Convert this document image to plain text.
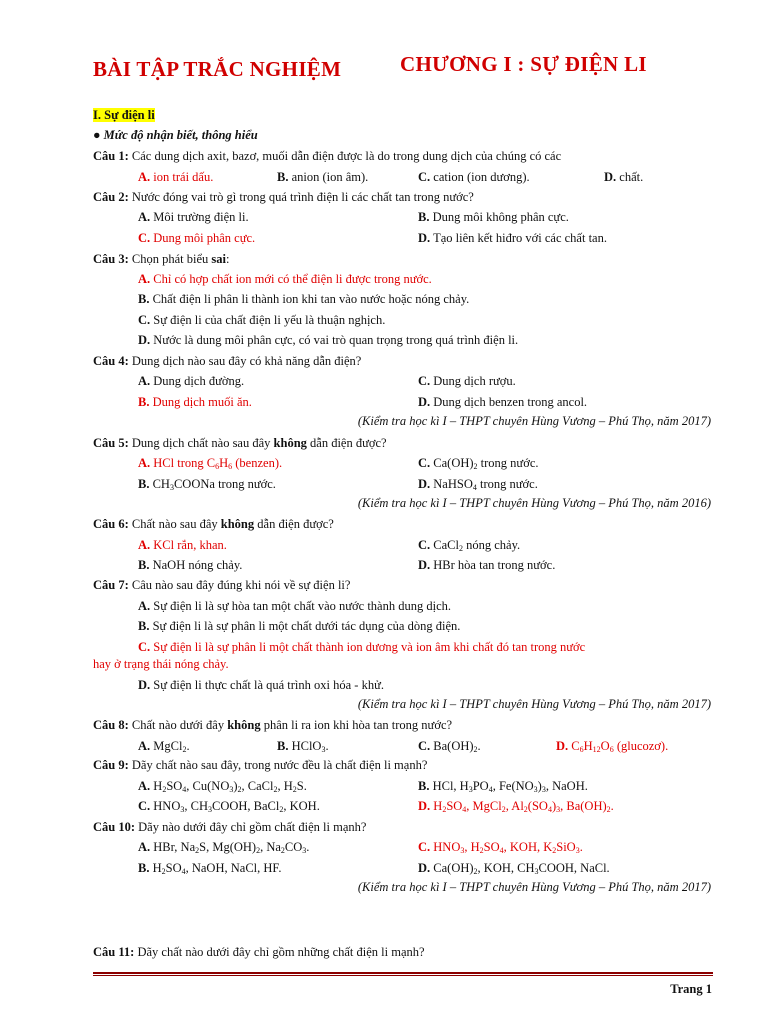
BÀI TẬP TRẮC NGHIỆM	CHƯƠNG I : SỰ ĐIỆN LI
I. Sự điện li
● Mức độ nhận biết, thông hiểu
Câu 1: Các dung dịch axit, bazơ, muối dẫn điện được là do trong dung dịch của chúng có các
A. ion trái dấu.	B. anion (ion âm).	C. cation (ion dương).	D. chất.
Câu 2: Nước đóng vai trò gì trong quá trình điện li các chất tan trong nước?
A. Môi trường điện li.	B. Dung môi không phân cực.
C. Dung môi phân cực.	D. Tạo liên kết hiđro với các chất tan.
Câu 3: Chọn phát biểu sai:
A. Chỉ có hợp chất ion mới có thể điện li được trong nước.
B. Chất điện li phân li thành ion khi tan vào nước hoặc nóng chảy.
C. Sự điện li của chất điện li yếu là thuận nghịch.
D. Nước là dung môi phân cực, có vai trò quan trọng trong quá trình điện li.
Câu 4: Dung dịch nào sau đây có khả năng dẫn điện?
A. Dung dịch đường.	C. Dung dịch rượu.
B. Dung dịch muối ăn.	D. Dung dịch benzen trong ancol.
(Kiểm tra học kì I – THPT chuyên Hùng Vương – Phú Thọ, năm 2017)
Câu 5: Dung dịch chất nào sau đây không dẫn điện được?
A. HCl trong $C_6H_6$ (benzen).	C. $Ca(OH)_2$ trong nước.
B. $CH_3COONa$ trong nước.	D. NaHSO$_4$ trong nước.
(Kiểm tra học kì I – THPT chuyên Hùng Vương – Phú Thọ, năm 2016)
Câu 6: Chất nào sau đây không dẫn điện được?
A. KCl rắn, khan.	C. CaCl$_2$ nóng chảy.
B. NaOH nóng chảy.	D. HBr hòa tan trong nước.
Câu 7: Câu nào sau đây đúng khi nói về sự điện li?
A. Sự điện li là sự hòa tan một chất vào nước thành dung dịch.
B. Sự điện li là sự phân li một chất dưới tác dụng của dòng điện.
C. Sự điện li là sự phân li một chất thành ion dương và ion âm khi chất đó tan trong nước
hay ở trạng thái nóng chảy.
D. Sự điện li thực chất là quá trình oxi hóa - khử.
(Kiểm tra học kì I – THPT chuyên Hùng Vương – Phú Thọ, năm 2017)
Câu 8: Chất nào dưới đây không phân li ra ion khi hòa tan trong nước?
A. MgCl$_2$.	B. HClO$_3$.	C. $Ba(OH)_2$.	D. $C_6H_{12}O_6$ (glucozơ).
Câu 9: Dãy chất nào sau đây, trong nước đều là chất điện li mạnh?
A. $H_2SO_4$, $Cu(NO_3)_2$, CaCl$_2$, $H_2S$.	B. HCl, $H_3PO_4$, $Fe(NO_3)_3$, NaOH.
C. $HNO_3$, $CH_3COOH$, BaCl$_2$, KOH.	D. $H_2SO_4$, MgCl$_2$, $Al_2(SO_4)_3$, $Ba(OH)_2$.
Câu 10: Dãy nào dưới đây chỉ gồm chất điện li mạnh?
A. HBr, $Na_2S$, $Mg(OH)_2$, $Na_2CO_3$.	C. $HNO_3$, $H_2SO_4$, KOH, $K_2SiO_3$.
B. $H_2SO_4$, NaOH, NaCl, HF.	D. $Ca(OH)_2$, KOH, $CH_3COOH$, NaCl.
(Kiểm tra học kì I – THPT chuyên Hùng Vương – Phú Thọ, năm 2017)
Câu 11: Dãy chất nào dưới đây chỉ gồm những chất điện li mạnh?
Trang 1
